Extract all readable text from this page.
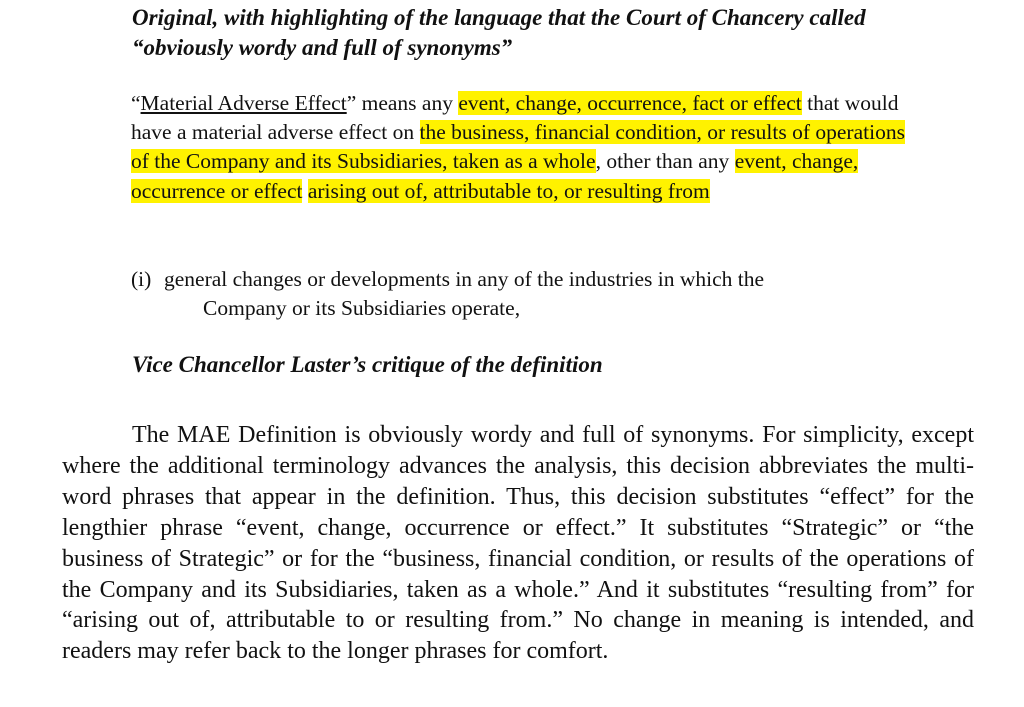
Original, with highlighting of the language that the Court of Chancery called “obviously wordy and full of synonyms”

“Material Adverse Effect” means any event, change, occurrence, fact or effect that would have a material adverse effect on the business, financial condition, or results of operations of the Company and its Subsidiaries, taken as a whole, other than any event, change, occurrence or effect arising out of, attributable to, or resulting from

(i) general changes or developments in any of the industries in which the
Company or its Subsidiaries operate,

Vice Chancellor Laster’s critique of the definition

The MAE Definition is obviously wordy and full of synonyms. For simplicity, except where the additional terminology advances the analysis, this decision abbreviates the multi-word phrases that appear in the definition. Thus, this decision substitutes “effect” for the lengthier phrase “event, change, occurrence or effect.” It substitutes “Strategic” or “the business of Strategic” or for the “business, financial condition, or results of the operations of the Company and its Subsidiaries, taken as a whole.” And it substitutes “resulting from” for “arising out of, attributable to or resulting from.” No change in meaning is intended, and readers may refer back to the longer phrases for comfort.
